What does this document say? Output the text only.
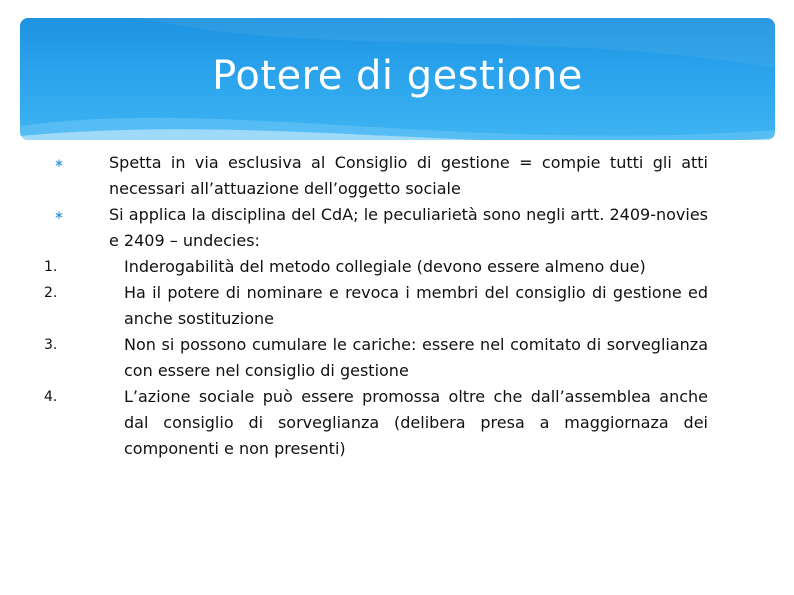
Potere di gestione
∗	Spetta in via esclusiva al Consiglio di gestione = compie tutti gli atti necessari all’attuazione dell’oggetto sociale
∗	Si applica la disciplina del CdA; le peculiarietà sono negli artt. 2409-novies e 2409 – undecies:
1.	Inderogabilità del metodo collegiale (devono essere almeno due)
2.	Ha il potere di nominare e revoca i membri del consiglio di gestione ed anche sostituzione
3.	Non si possono cumulare le cariche: essere nel comitato di sorveglianza con essere nel consiglio di gestione
4.	L’azione sociale può essere promossa oltre che dall’assemblea anche dal consiglio di sorveglianza (delibera presa a maggiornaza dei componenti e non presenti)
